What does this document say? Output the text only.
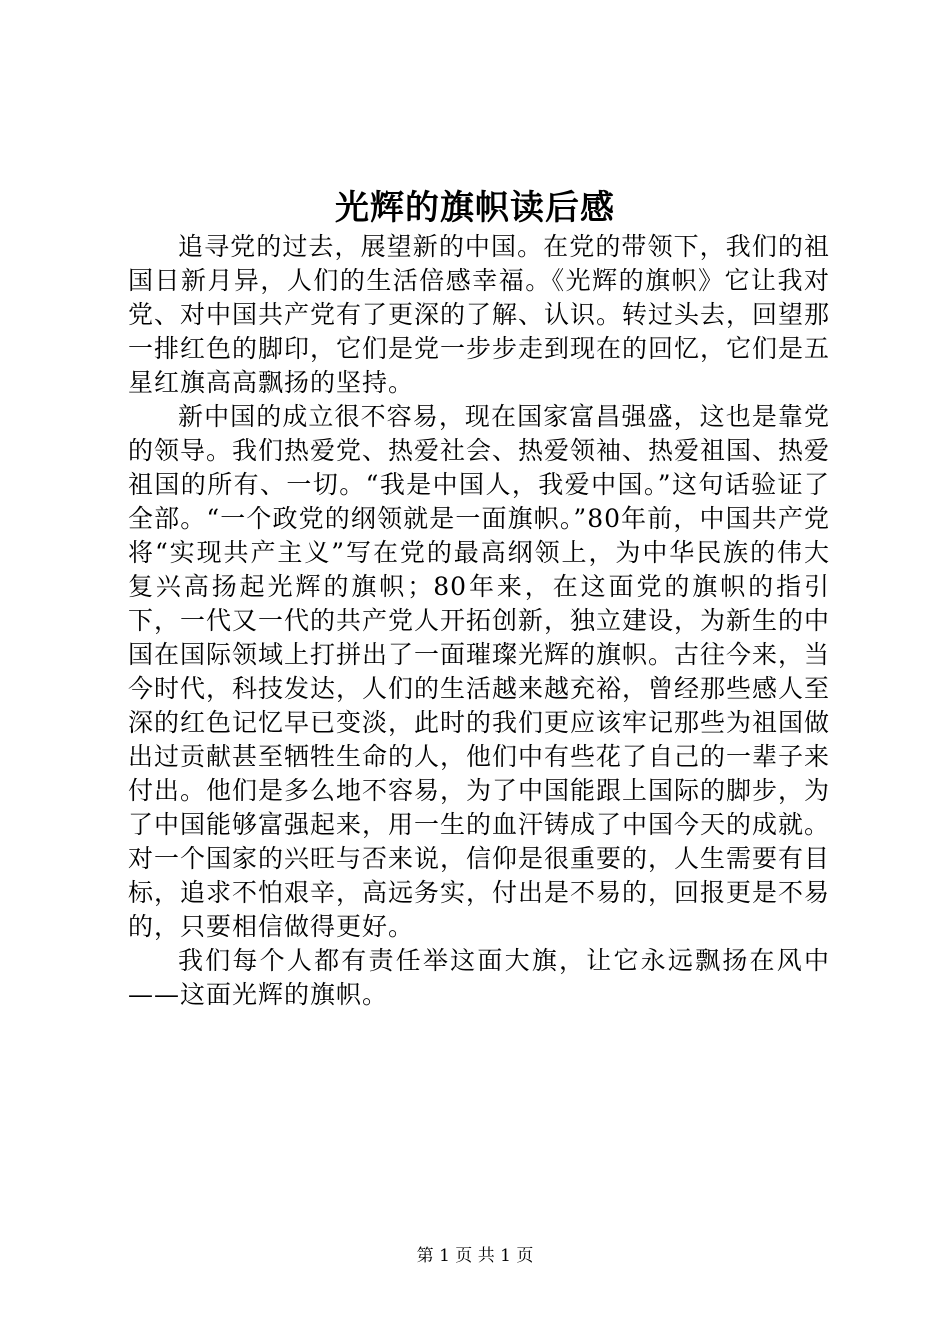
光辉的旗帜读后感

追寻党的过去，展望新的中国。在党的带领下，我们的祖国日新月异，人们的生活倍感幸福。《光辉的旗帜》它让我对党、对中国共产党有了更深的了解、认识。转过头去，回望那一排红色的脚印，它们是党一步步走到现在的回忆，它们是五星红旗高高飘扬的坚持。

新中国的成立很不容易，现在国家富昌强盛，这也是靠党的领导。我们热爱党、热爱社会、热爱领袖、热爱祖国、热爱祖国的所有、一切。“我是中国人，我爱中国。”这句话验证了全部。“一个政党的纲领就是一面旗帜。”80年前，中国共产党将“实现共产主义”写在党的最高纲领上，为中华民族的伟大复兴高扬起光辉的旗帜；80年来，在这面党的旗帜的指引下，一代又一代的共产党人开拓创新，独立建设，为新生的中国在国际领域上打拼出了一面璀璨光辉的旗帜。古往今来，当今时代，科技发达，人们的生活越来越充裕，曾经那些感人至深的红色记忆早已变淡，此时的我们更应该牢记那些为祖国做出过贡献甚至牺牲生命的人，他们中有些花了自己的一辈子来付出。他们是多么地不容易，为了中国能跟上国际的脚步，为了中国能够富强起来，用一生的血汗铸成了中国今天的成就。对一个国家的兴旺与否来说，信仰是很重要的，人生需要有目标，追求不怕艰辛，高远务实，付出是不易的，回报更是不易的，只要相信做得更好。

我们每个人都有责任举这面大旗，让它永远飘扬在风中——这面光辉的旗帜。

第 1 页 共 1 页
